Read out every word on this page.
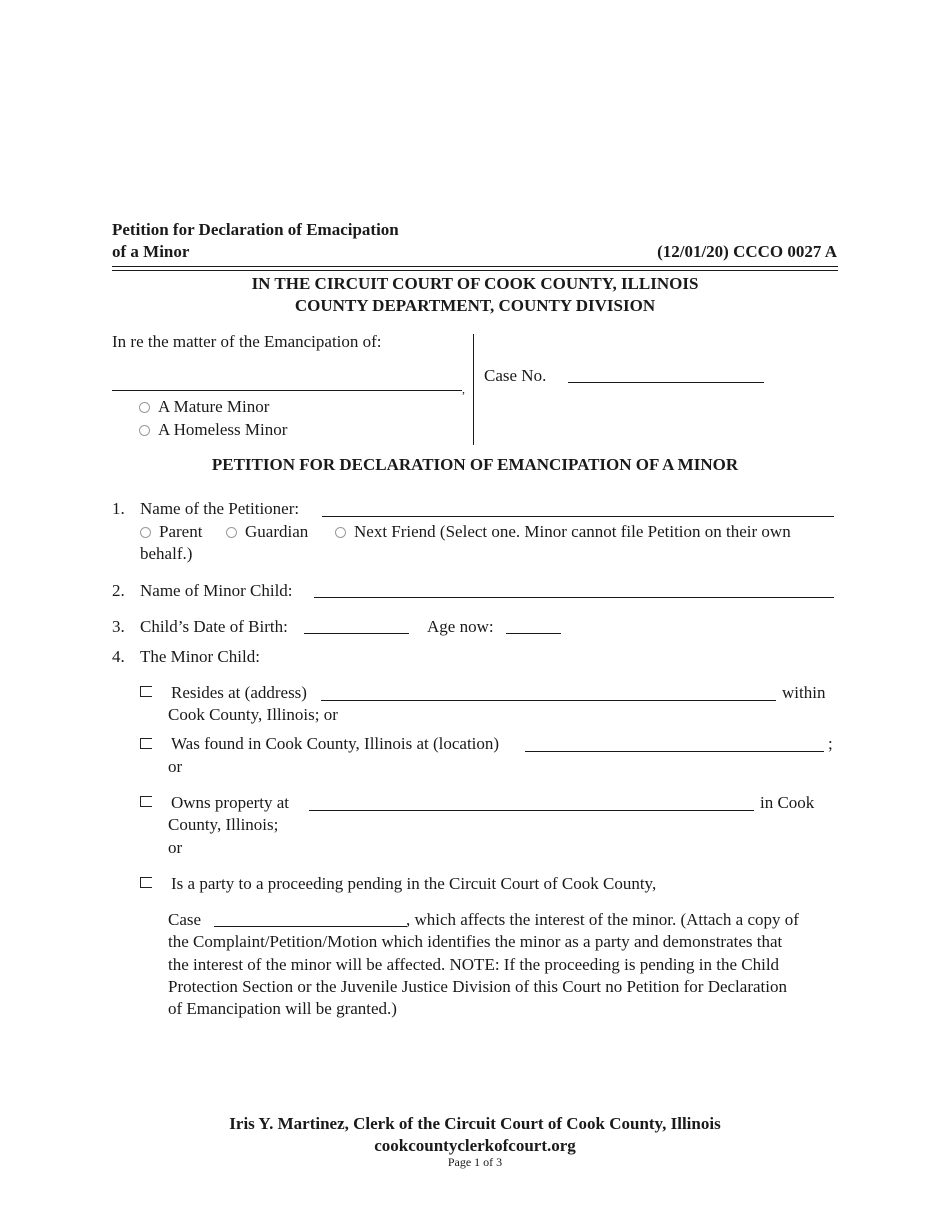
Petition for Declaration of Emacipation
of a Minor	(12/01/20) CCCO 0027 A
IN THE CIRCUIT COURT OF COOK COUNTY, ILLINOIS
COUNTY DEPARTMENT, COUNTY DIVISION
In re the matter of the Emancipation of:
,
A Mature Minor
A Homeless Minor
Case No.
PETITION FOR DECLARATION OF EMANCIPATION OF A MINOR
1. Name of the Petitioner:
Parent	Guardian	Next Friend (Select one. Minor cannot file Petition on their own
behalf.)
2. Name of Minor Child:
3. Child’s Date of Birth:	Age now:
4. The Minor Child:
Resides at (address)	within
Cook County, Illinois; or
Was found in Cook County, Illinois at (location)	;
or
Owns property at	in Cook
County, Illinois;
or
Is a party to a proceeding pending in the Circuit Court of Cook County,
Case	, which affects the interest of the minor. (Attach a copy of
the Complaint/Petition/Motion which identifies the minor as a party and demonstrates that
the interest of the minor will be affected. NOTE: If the proceeding is pending in the Child
Protection Section or the Juvenile Justice Division of this Court no Petition for Declaration
of Emancipation will be granted.)
Iris Y. Martinez, Clerk of the Circuit Court of Cook County, Illinois
cookcountyclerkofcourt.org
Page 1 of 3
